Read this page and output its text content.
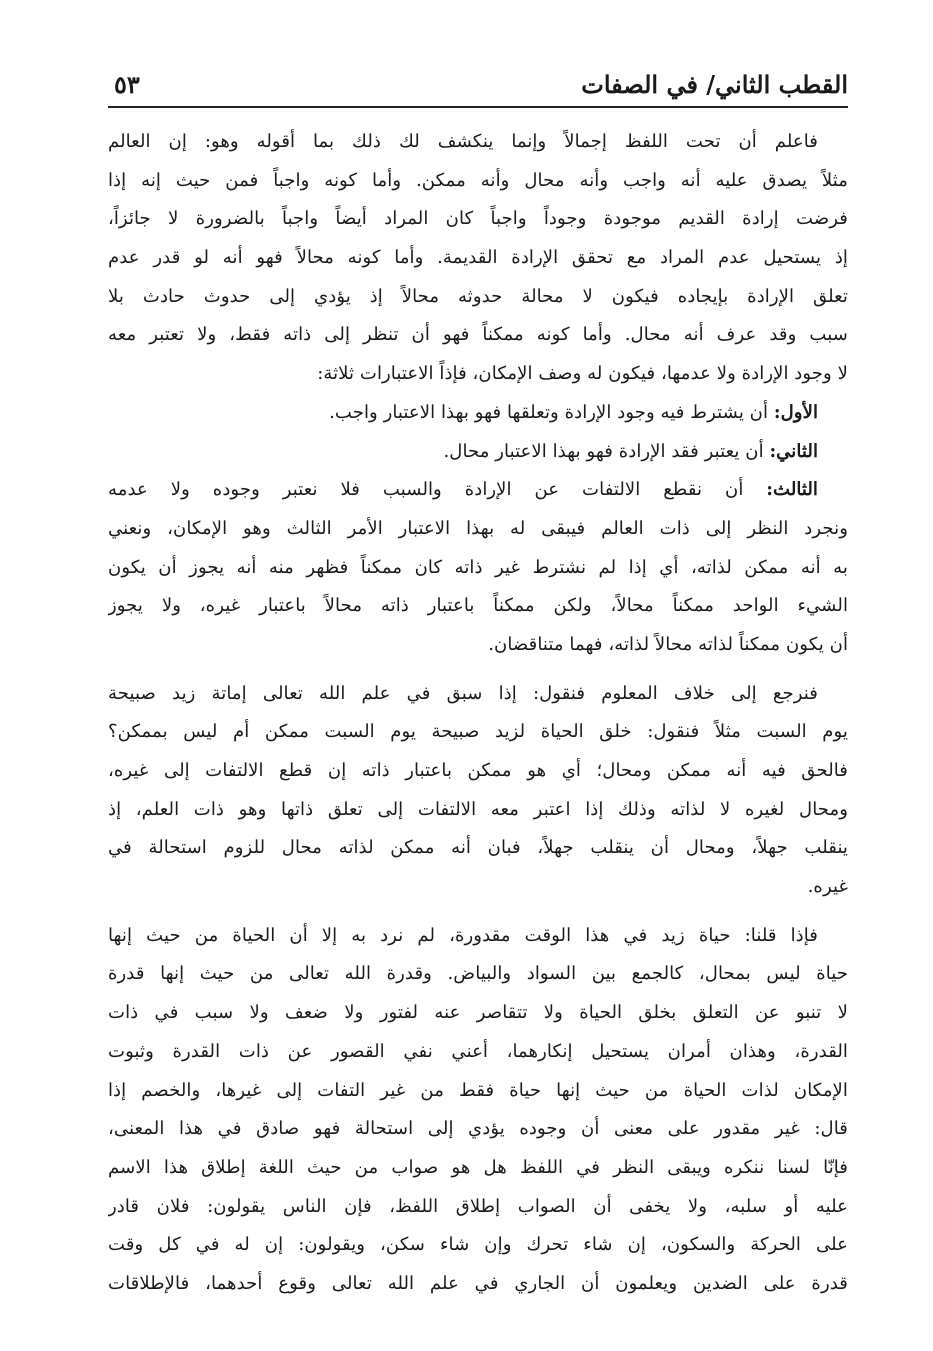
القطب الثاني/ في الصفات
٥٣
فاعلم أن تحت اللفظ إجمالاً وإنما ينكشف لك ذلك بما أقوله وهو: إن العالم
مثلاً يصدق عليه أنه واجب وأنه محال وأنه ممكن. وأما كونه واجباً فمن حيث إنه إذا
فرضت إرادة القديم موجودة وجوداً واجباً كان المراد أيضاً واجباً بالضرورة لا جائزاً،
إذ يستحيل عدم المراد مع تحقق الإرادة القديمة. وأما كونه محالاً فهو أنه لو قدر عدم
تعلق الإرادة بإيجاده فيكون لا محالة حدوثه محالاً إذ يؤدي إلى حدوث حادث بلا
سبب وقد عرف أنه محال. وأما كونه ممكناً فهو أن تنظر إلى ذاته فقط، ولا تعتبر معه
لا وجود الإرادة ولا عدمها، فيكون له وصف الإمكان، فإذاً الاعتبارات ثلاثة:
الأول: أن يشترط فيه وجود الإرادة وتعلقها فهو بهذا الاعتبار واجب.
الثاني: أن يعتبر فقد الإرادة فهو بهذا الاعتبار محال.
الثالث: أن نقطع الالتفات عن الإرادة والسبب فلا نعتبر وجوده ولا عدمه
ونجرد النظر إلى ذات العالم فيبقى له بهذا الاعتبار الأمر الثالث وهو الإمكان، ونعني
به أنه ممكن لذاته، أي إذا لم نشترط غير ذاته كان ممكناً فظهر منه أنه يجوز أن يكون
الشيء الواحد ممكناً محالاً، ولكن ممكناً باعتبار ذاته محالاً باعتبار غيره، ولا يجوز
أن يكون ممكناً لذاته محالاً لذاته، فهما متناقضان.
فنرجع إلى خلاف المعلوم فنقول: إذا سبق في علم الله تعالى إماتة زيد صبيحة
يوم السبت مثلاً فنقول: خلق الحياة لزيد صبيحة يوم السبت ممكن أم ليس بممكن؟
فالحق فيه أنه ممكن ومحال؛ أي هو ممكن باعتبار ذاته إن قطع الالتفات إلى غيره،
ومحال لغيره لا لذاته وذلك إذا اعتبر معه الالتفات إلى تعلق ذاتها وهو ذات العلم، إذ
ينقلب جهلاً، ومحال أن ينقلب جهلاً، فبان أنه ممكن لذاته محال للزوم استحالة في
غيره.
فإذا قلنا: حياة زيد في هذا الوقت مقدورة، لم نرد به إلا أن الحياة من حيث إنها
حياة ليس بمحال، كالجمع بين السواد والبياض. وقدرة الله تعالى من حيث إنها قدرة
لا تنبو عن التعلق بخلق الحياة ولا تتقاصر عنه لفتور ولا ضعف ولا سبب في ذات
القدرة، وهذان أمران يستحيل إنكارهما، أعني نفي القصور عن ذات القدرة وثبوت
الإمكان لذات الحياة من حيث إنها حياة فقط من غير التفات إلى غيرها، والخصم إذا
قال: غير مقدور على معنى أن وجوده يؤدي إلى استحالة فهو صادق في هذا المعنى،
فإنّا لسنا ننكره ويبقى النظر في اللفظ هل هو صواب من حيث اللغة إطلاق هذا الاسم
عليه أو سلبه، ولا يخفى أن الصواب إطلاق اللفظ، فإن الناس يقولون: فلان قادر
على الحركة والسكون، إن شاء تحرك وإن شاء سكن، ويقولون: إن له في كل وقت
قدرة على الضدين ويعلمون أن الجاري في علم الله تعالى وقوع أحدهما، فالإطلاقات
